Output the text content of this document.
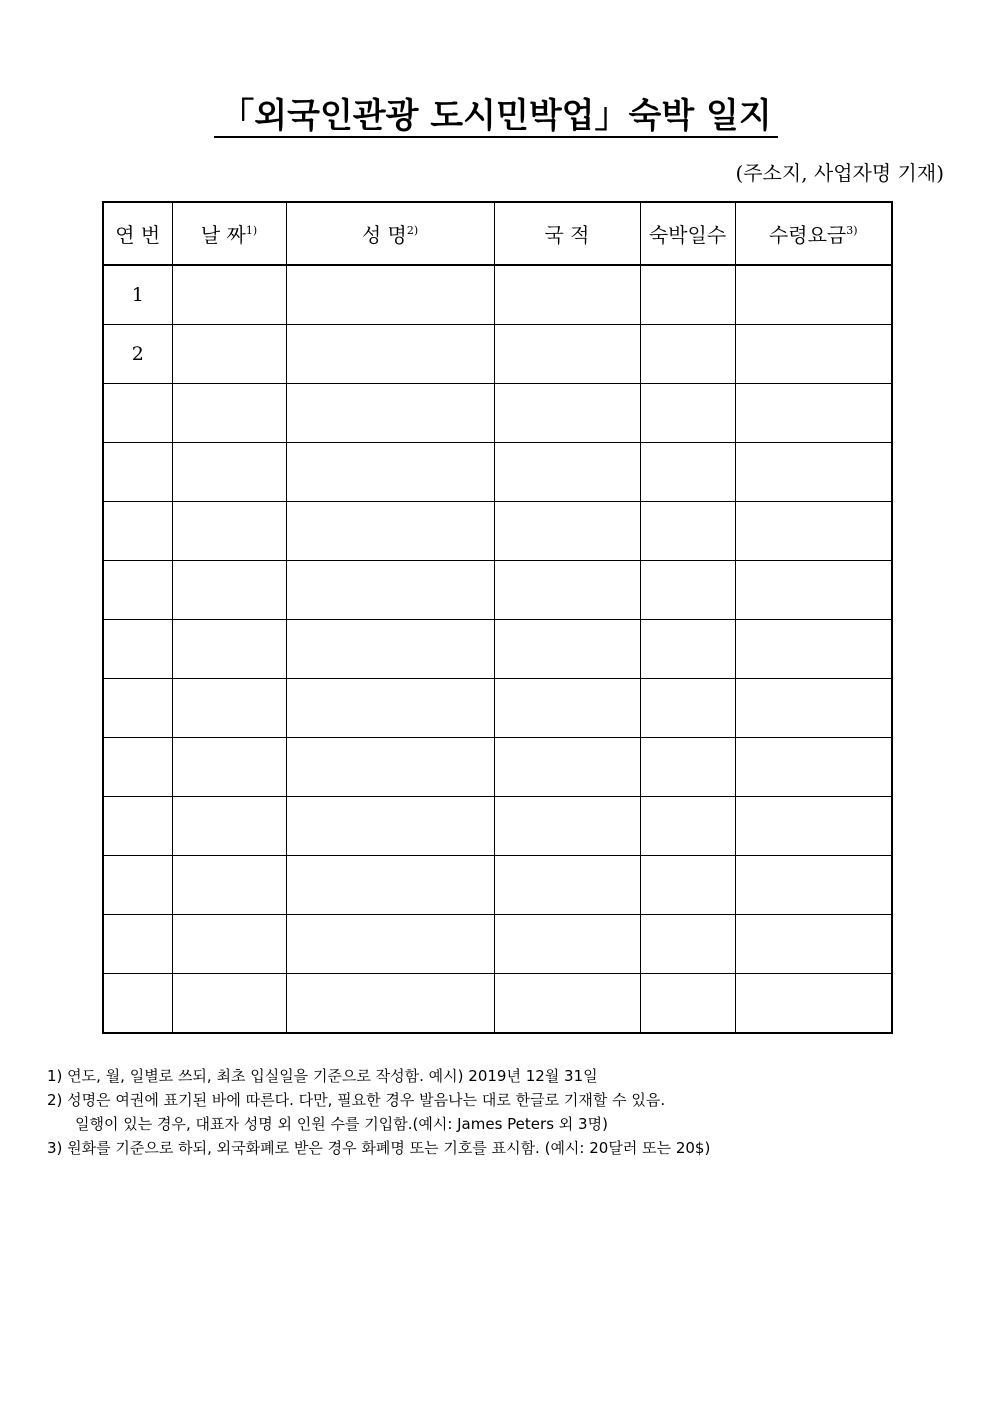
「외국인관광 도시민박업」숙박 일지
(주소지, 사업자명 기재)
연 번	날 짜$^{1)}$	성 명$^{2)}$	국 적	숙박일수	수령요금$^{3)}$
1					
2					

1) 연도, 월, 일별로 쓰되, 최초 입실일을 기준으로 작성함. 예시) 2019년 12월 31일
2) 성명은 여권에 표기된 바에 따른다. 다만, 필요한 경우 발음나는 대로 한글로 기재할 수 있음.
일행이 있는 경우, 대표자 성명 외 인원 수를 기입함.(예시: James Peters 외 3명)
3) 원화를 기준으로 하되, 외국화폐로 받은 경우 화폐명 또는 기호를 표시함. (예시: 20달러 또는 20$)
